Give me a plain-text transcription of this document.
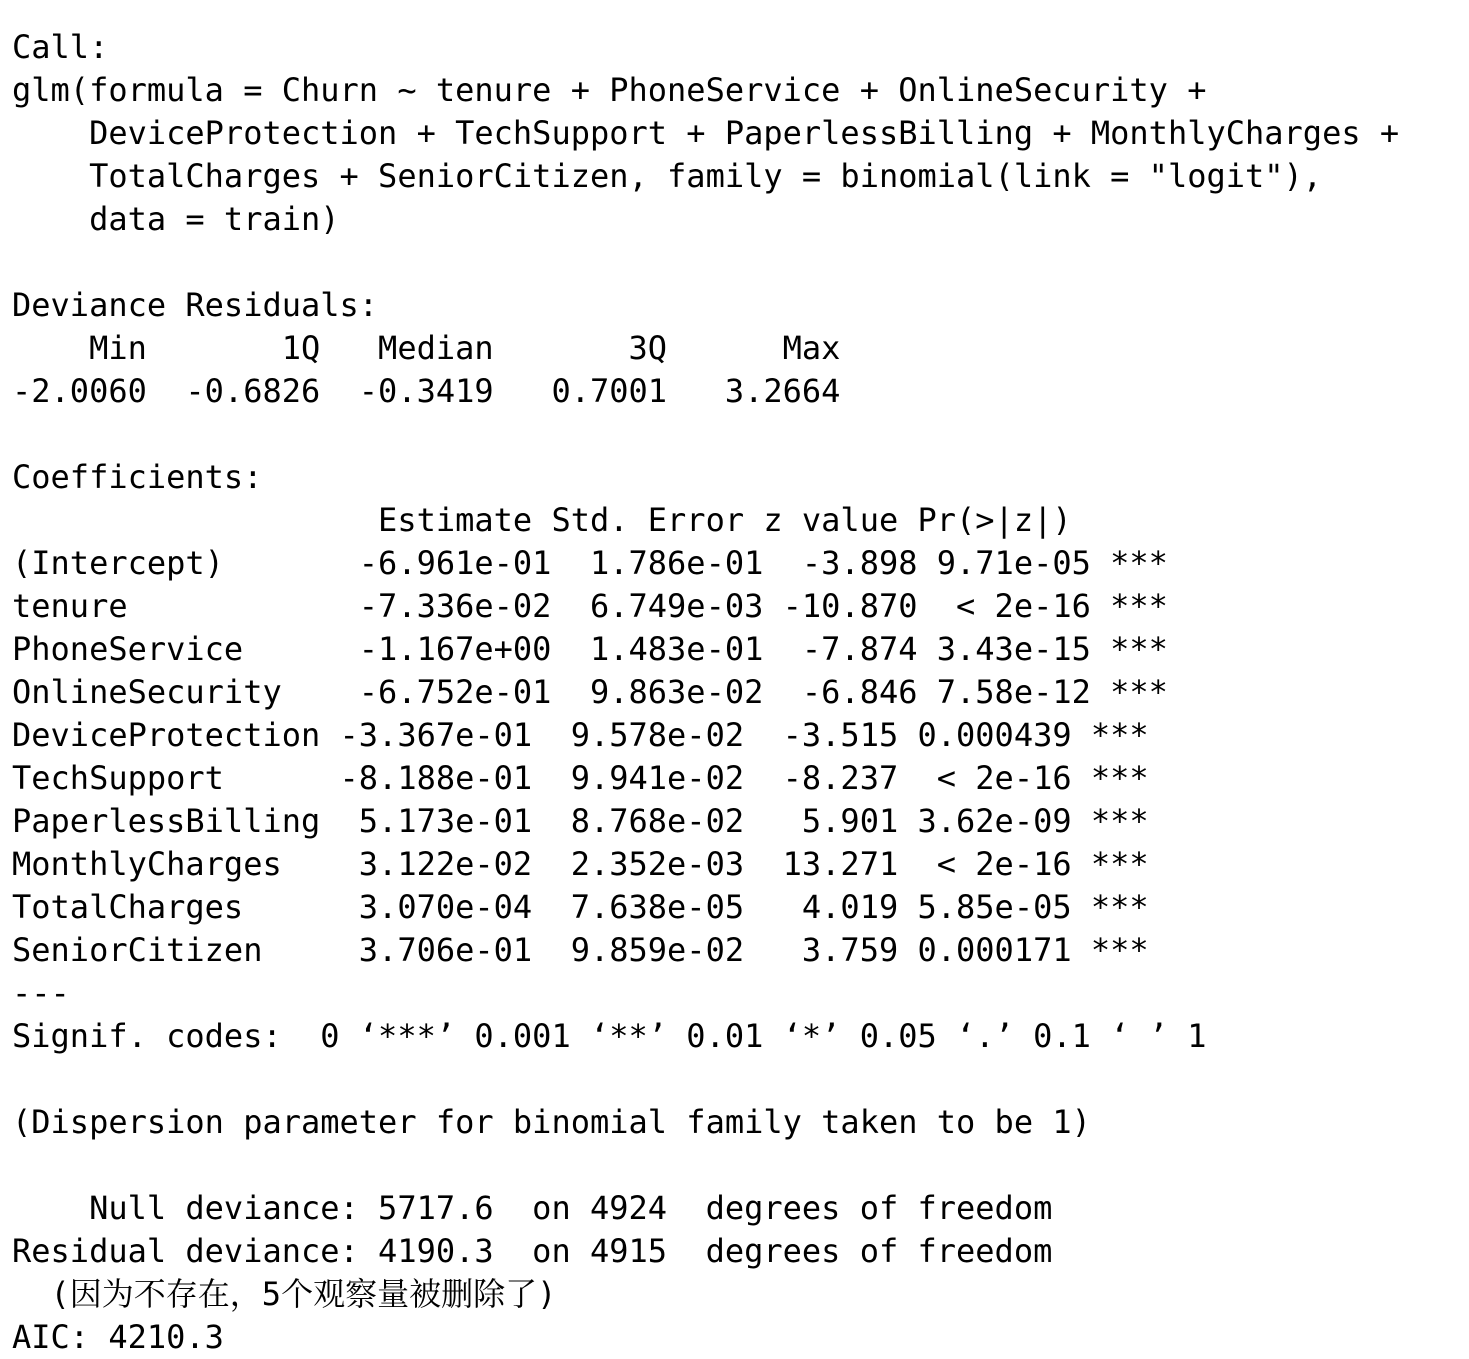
Call:
glm(formula = Churn ~ tenure + PhoneService + OnlineSecurity +
DeviceProtection + TechSupport + PaperlessBilling + MonthlyCharges +
TotalCharges + SeniorCitizen, family = binomial(link = "logit"),
data = train)
Deviance Residuals:
Min       1Q   Median       3Q      Max
-2.0060  -0.6826  -0.3419   0.7001   3.2664
Coefficients:
Estimate Std. Error z value Pr(>|z|)
(Intercept)       -6.961e-01  1.786e-01  -3.898 9.71e-05 ***
tenure            -7.336e-02  6.749e-03 -10.870  < 2e-16 ***
PhoneService      -1.167e+00  1.483e-01  -7.874 3.43e-15 ***
OnlineSecurity    -6.752e-01  9.863e-02  -6.846 7.58e-12 ***
DeviceProtection -3.367e-01  9.578e-02  -3.515 0.000439 ***
TechSupport      -8.188e-01  9.941e-02  -8.237  < 2e-16 ***
PaperlessBilling  5.173e-01  8.768e-02   5.901 3.62e-09 ***
MonthlyCharges    3.122e-02  2.352e-03  13.271  < 2e-16 ***
TotalCharges      3.070e-04  7.638e-05   4.019 5.85e-05 ***
SeniorCitizen     3.706e-01  9.859e-02   3.759 0.000171 ***
---
Signif. codes:  0 ‘***’ 0.001 ‘**’ 0.01 ‘*’ 0.05 ‘.’ 0.1 ‘ ’ 1
(Dispersion parameter for binomial family taken to be 1)
Null deviance: 5717.6  on 4924  degrees of freedom
Residual deviance: 4190.3  on 4915  degrees of freedom
(因为不存在，5个观察量被删除了)
AIC: 4210.3
